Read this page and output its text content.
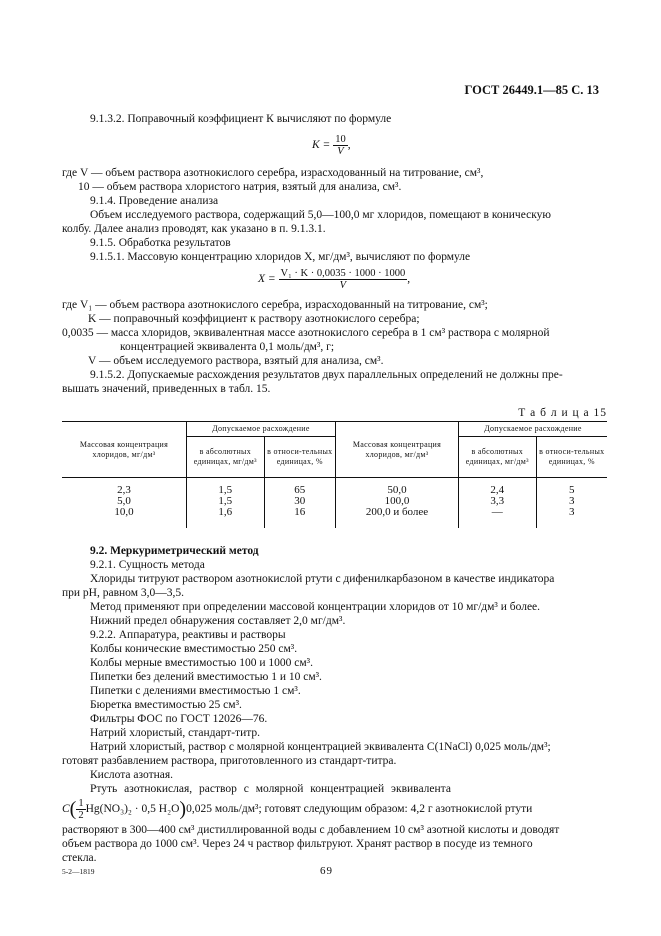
ГОСТ 26449.1—85 С. 13
9.1.3.2. Поправочный коэффициент К вычисляют по формуле
$K = \frac{10}{V}$ ,
где V — объем раствора азотнокислого серебра, израсходованный на титрование, см³,
10 — объем раствора хлористого натрия, взятый для анализа, см³.
9.1.4. Проведение анализа
Объем исследуемого раствора, содержащий 5,0—100,0 мг хлоридов, помещают в коническую
колбу. Далее анализ проводят, как указано в п. 9.1.3.1.
9.1.5. Обработка результатов
9.1.5.1. Массовую концентрацию хлоридов X, мг/дм³, вычисляют по формуле
$X = \frac{\text{V₁ · K · 0,0035 · 1000 · 1000}}{V}$ ,
где V₁ — объем раствора азотнокислого серебра, израсходованный на титрование, см³;
K — поправочный коэффициент к раствору азотнокислого серебра;
0,0035 — масса хлоридов, эквивалентная массе азотнокислого серебра в 1 см³ раствора с молярной
концентрацией эквивалента 0,1 моль/дм³, г;
V — объем исследуемого раствора, взятый для анализа, см³.
9.1.5.2. Допускаемые расхождения результатов двух параллельных определений не должны пре-
вышать значений, приведенных в табл. 15.
Т а б л и ц а 15
Массовая концентрация хлоридов, мг/дм³	Допускаемое расхождение		Массовая концентрация хлоридов, мг/дм³	Допускаемое расхождение	
	в абсолютных единицах, мг/дм³	в относи-тельных единицах, %		в абсолютных единицах, мг/дм³	в относи-тельных единицах, %

2,3	1,5	65	50,0	2,4	5
5,0	1,5	30	100,0	3,3	3
10,0	1,6	16	200,0 и более	—	3

9.2. Меркуриметрический метод
9.2.1. Сущность метода
Хлориды титруют раствором азотнокислой ртути с дифенилкарбазоном в качестве индикатора
при рН, равном 3,0—3,5.
Метод применяют при определении массовой концентрации хлоридов от 10 мг/дм³ и более.
Нижний предел обнаружения составляет 2,0 мг/дм³.
9.2.2. Аппаратура, реактивы и растворы
Колбы конические вместимостью 250 см³.
Колбы мерные вместимостью 100 и 1000 см³.
Пипетки без делений вместимостью 1 и 10 см³.
Пипетки с делениями вместимостью 1 см³.
Бюретка вместимостью 25 см³.
Фильтры ФОС по ГОСТ 12026—76.
Натрий хлористый, стандарт-титр.
Натрий хлористый, раствор с молярной концентрацией эквивалента C(1NaCl) 0,025 моль/дм³;
готовят разбавлением раствора, приготовленного из стандарт-титра.
Кислота азотная.
Ртуть азотнокислая, раствор с молярной концентрацией эквивалента
$C( \frac{1}{2} Hg(NO_3)_2 \cdot 0,5$ H₂O)0,025 моль/дм³; готовят следующим образом: 4,2 г азотнокислой ртути
растворяют в 300—400 см³ дистиллированной воды с добавлением 10 см³ азотной кислоты и доводят
объем раствора до 1000 см³. Через 24 ч раствор фильтруют. Хранят раствор в посуде из темного
стекла.
5-2—1819	69
